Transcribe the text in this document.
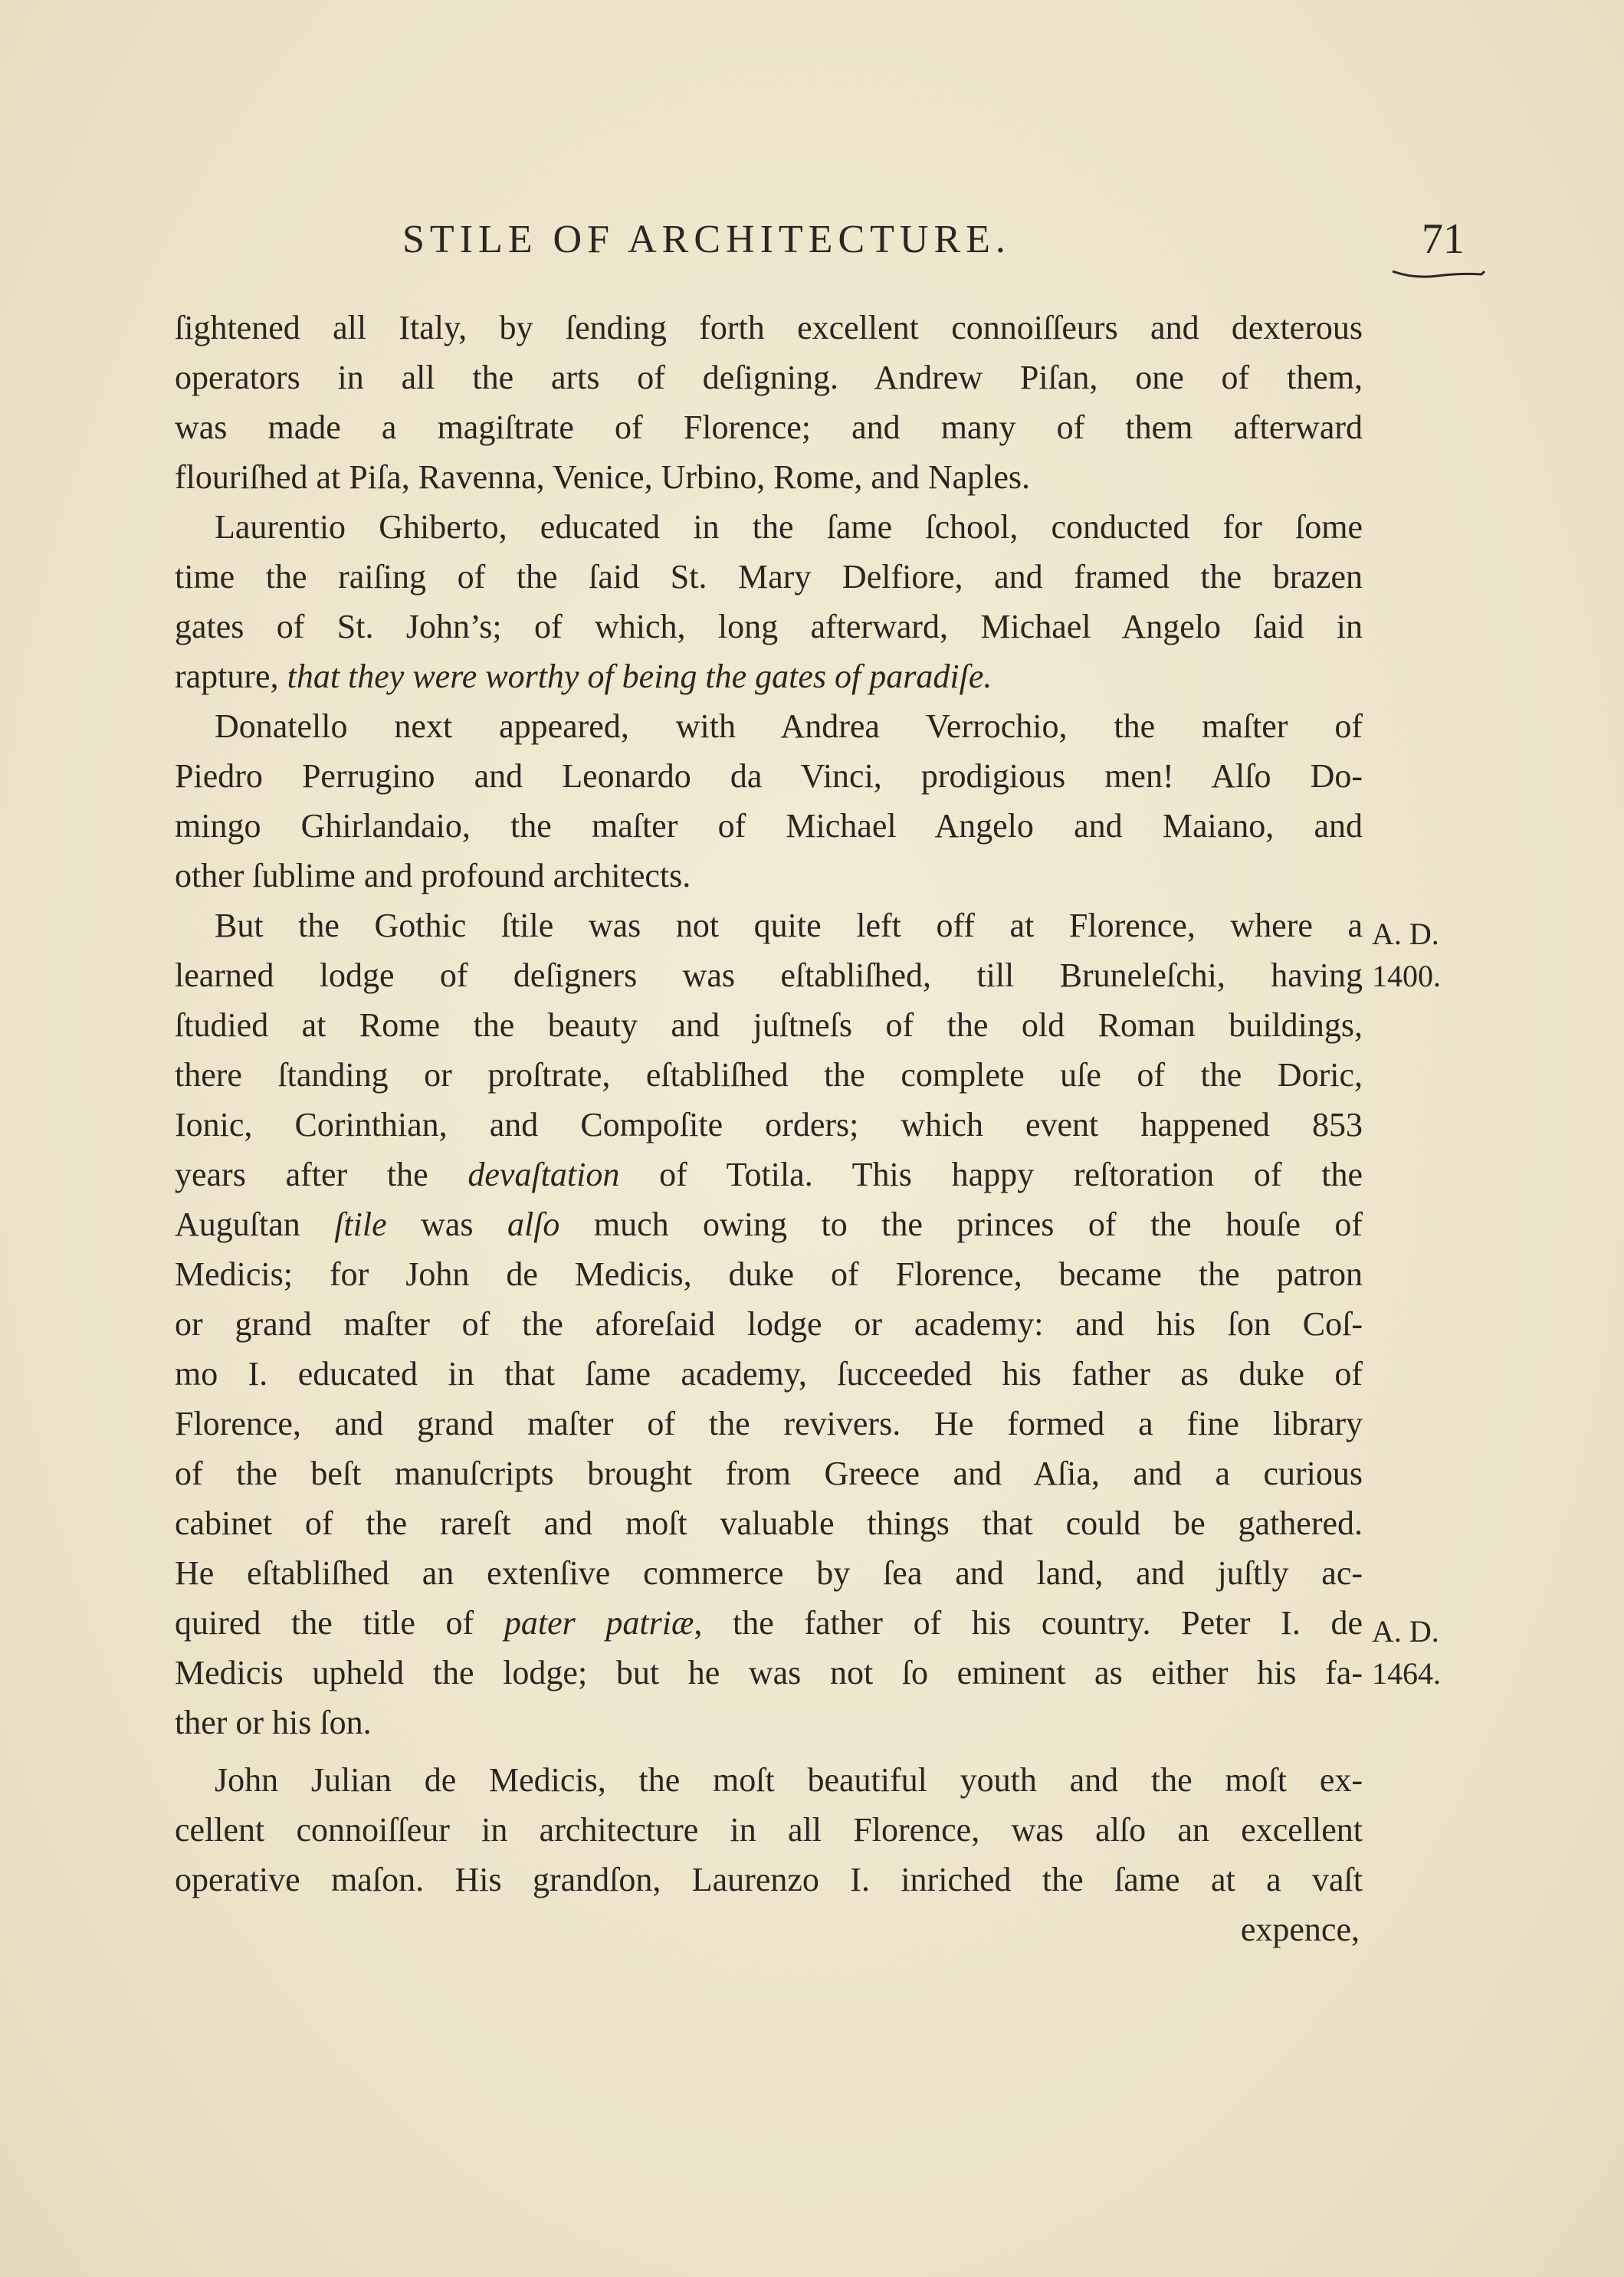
STILE OF ARCHITECTURE.	71
ſightened all Italy, by ſending forth excellent connoiſſeurs and dexterous
operators in all the arts of deſigning. Andrew Piſan, one of them,
was made a magiſtrate of Florence; and many of them afterward
flouriſhed at Piſa, Ravenna, Venice, Urbino, Rome, and Naples.
Laurentio Ghiberto, educated in the ſame ſchool, conducted for ſome
time the raiſing of the ſaid St. Mary Delfiore, and framed the brazen
gates of St. John’s; of which, long afterward, Michael Angelo ſaid in
rapture, that they were worthy of being the gates of paradiſe.
Donatello next appeared, with Andrea Verrochio, the maſter of
Piedro Perrugino and Leonardo da Vinci, prodigious men! Alſo Do-
mingo Ghirlandaio, the maſter of Michael Angelo and Maiano, and
other ſublime and profound architects.
But the Gothic ſtile was not quite left off at Florence, where a
learned lodge of deſigners was eſtabliſhed, till Bruneleſchi, having
ſtudied at Rome the beauty and juſtneſs of the old Roman buildings,
there ſtanding or proſtrate, eſtabliſhed the complete uſe of the Doric,
Ionic, Corinthian, and Compoſite orders; which event happened 853
years after the devaſtation of Totila. This happy reſtoration of the
Auguſtan ſtile was alſo much owing to the princes of the houſe of
Medicis; for John de Medicis, duke of Florence, became the patron
or grand maſter of the aforeſaid lodge or academy: and his ſon Coſ-
mo I. educated in that ſame academy, ſucceeded his father as duke of
Florence, and grand maſter of the revivers. He formed a fine library
of the beſt manuſcripts brought from Greece and Aſia, and a curious
cabinet of the rareſt and moſt valuable things that could be gathered.
He eſtabliſhed an extenſive commerce by ſea and land, and juſtly ac-
quired the title of pater patriæ, the father of his country. Peter I. de
Medicis upheld the lodge; but he was not ſo eminent as either his fa-
ther or his ſon.
John Julian de Medicis, the moſt beautiful youth and the moſt ex-
cellent connoiſſeur in architecture in all Florence, was alſo an excellent
operative maſon. His grandſon, Laurenzo I. inriched the ſame at a vaſt
expence,
A. D.
1400.
A. D.
1464.
